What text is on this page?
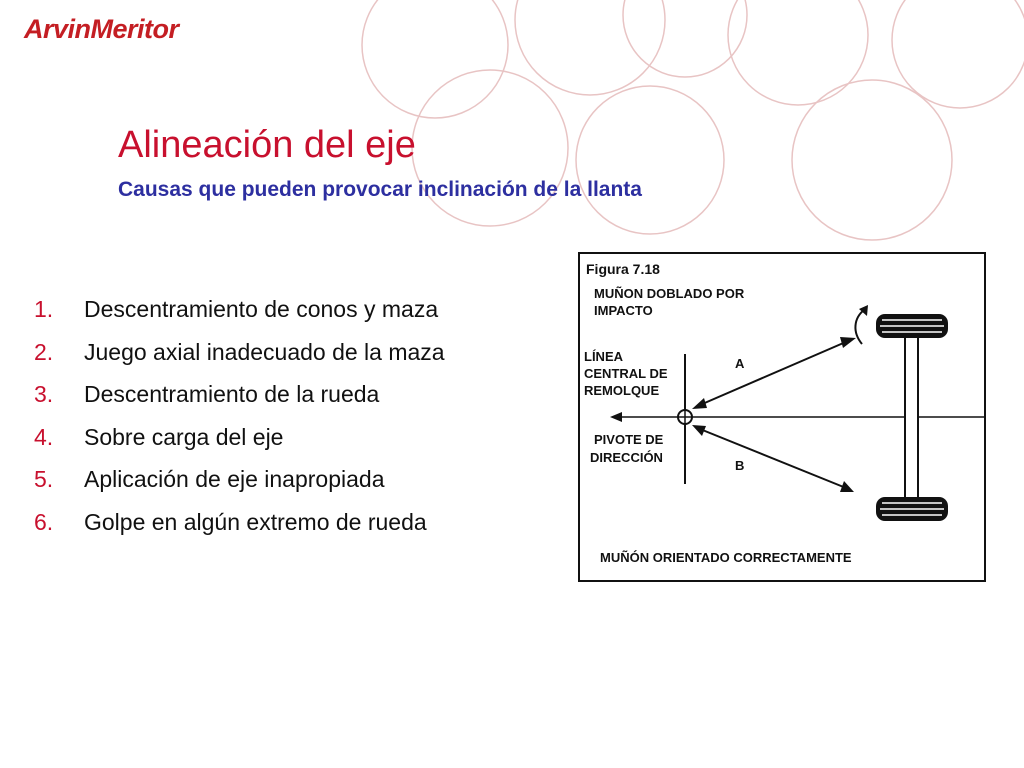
ArvinMeritor
Alineación del eje

Causas que pueden provocar inclinación de la llanta

1. Descentramiento de conos y maza
2. Juego axial inadecuado de la maza
3. Descentramiento de la rueda
4. Sobre carga del eje
5. Aplicación de eje inapropiada
6. Golpe en algún extremo de rueda
Figura 7.18
MUÑON DOBLADO POR
IMPACTO
LÍNEA
CENTRAL DE
REMOLQUE
PIVOTE DE
DIRECCIÓN
A
B
MUÑÓN ORIENTADO CORRECTAMENTE
